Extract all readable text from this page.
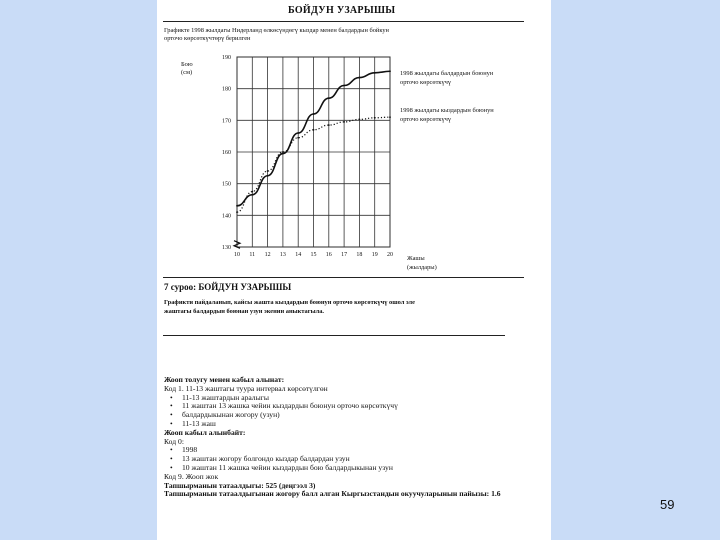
БОЙДУН УЗАРЫШЫ
Графикте 1998 жылдагы Нидерланд өлкөсүндөгү кыздар менен балдардын бойкун
орточо көрсөткүчтөрү берилген
190
180
170
160
150
140
130
10 11 12 13 14 15 16 17 18 19 20
Бою
(см)	1998 жылдагы балдардын боюнун
орточо көрсөткүчү
1998 жылдагы кыздардын боюнун
орточо көрсөткүчү
Жашы
(жылдары)
7 суроо: БОЙДУН УЗАРЫШЫ
Графикти пайдаланып, кайсы жашта кыздардын боюнун орточо көрсөткүчү ошол эле
жаштагы балдардын боюнан узун экенин аныктагыла.
Жооп толугу менен кабыл алынат:
Код 1. 11-13 жаштагы туура интервал көрсөтүлгөн
• 11-13 жаштардын аралыгы
• 11 жаштан 13 жашка чейин кыздардын боюнун орточо көрсөткүчү
• балдардыкынан жогору (узун)
• 11-13 жаш
Жооп кабыл алынбайт:
Код 0:
• 1998
• 13 жаштан жогору болгондо кыздар балдардан узун
• 10 жаштан 11 жашка чейин кыздардын бою балдардыкынан узун
Код 9. Жооп жок
Тапшырманын татаалдыгы: 525 (деңгээл 3)
Тапшырманын татаалдыгынан жогору балл алган Кыргызстандын окуучуларынын пайызы: 1.6
59
